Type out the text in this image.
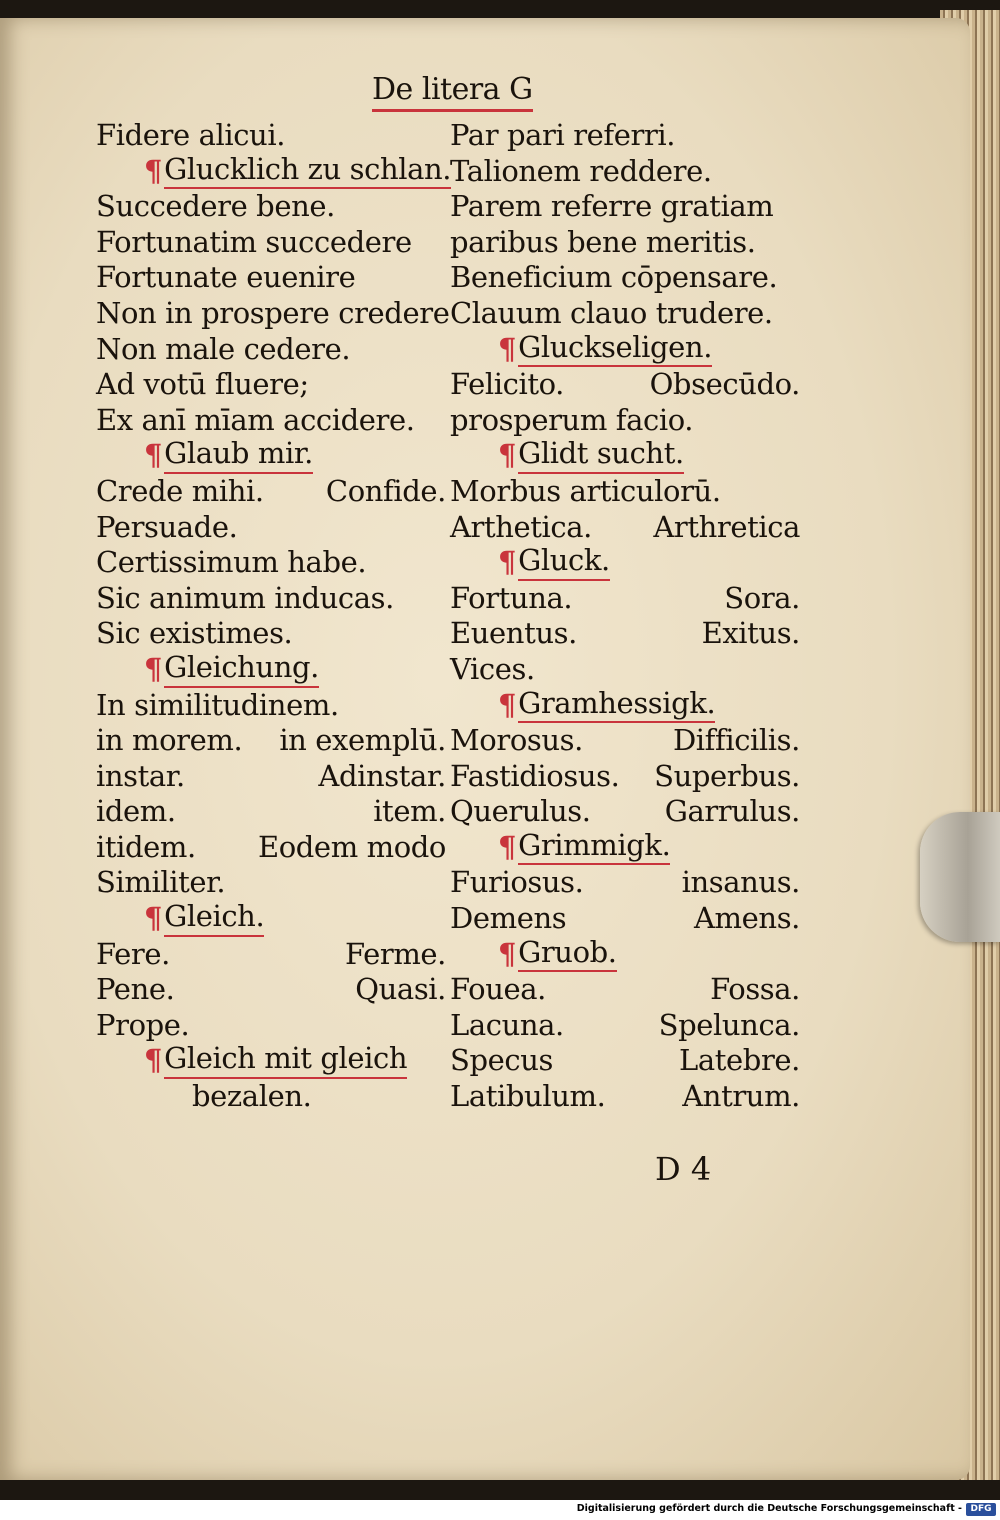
De litera G
Fidere alicui.
¶ Glucklich zu schlan.
Succedere bene.
Fortunatim succedere
Fortunate euenire
Non in prospere credere
Non male cedere.
Ad votū fluere;
Ex anī mīam accidere.
¶ Glaub mir.
Crede mihi. Confide.
Persuade.
Certissimum habe.
Sic animum inducas.
Sic existimes.
¶ Gleichung.
In similitudinem.
in morem. in exemplū.
instar.	Adinstar.
idem.	item.
itidem. Eodem modo
Similiter.
¶ Gleich.
Fere.	Ferme.
Pene.	Quasi.
Prope.
¶ Gleich mit gleich
bezalen.
Par pari referri.
Talionem reddere.
Parem referre gratiam
paribus bene meritis.
Beneficium cōpensare.
Clauum clauo trudere.
¶ Gluckseligen.
Felicito.	Obsecūdo.
prosperum facio.
¶ Glidt sucht.
Morbus articulorū.
Arthetica. Arthretica
¶ Gluck.
Fortuna.	Sora.
Euentus.	Exitus.
Vices.
¶ Gramhessigk.
Morosus.	Difficilis.
Fastidiosus. Superbus.
Querulus.	Garrulus.
¶ Grimmigk.
Furiosus.	insanus.
Demens	Amens.
¶ Gruob.
Fouea.	Fossa.
Lacuna.	Spelunca.
Specus	Latebre.
Latibulum.	Antrum.
D 4
Digitalisierung gefördert durch die Deutsche Forschungsgemeinschaft - DFG
